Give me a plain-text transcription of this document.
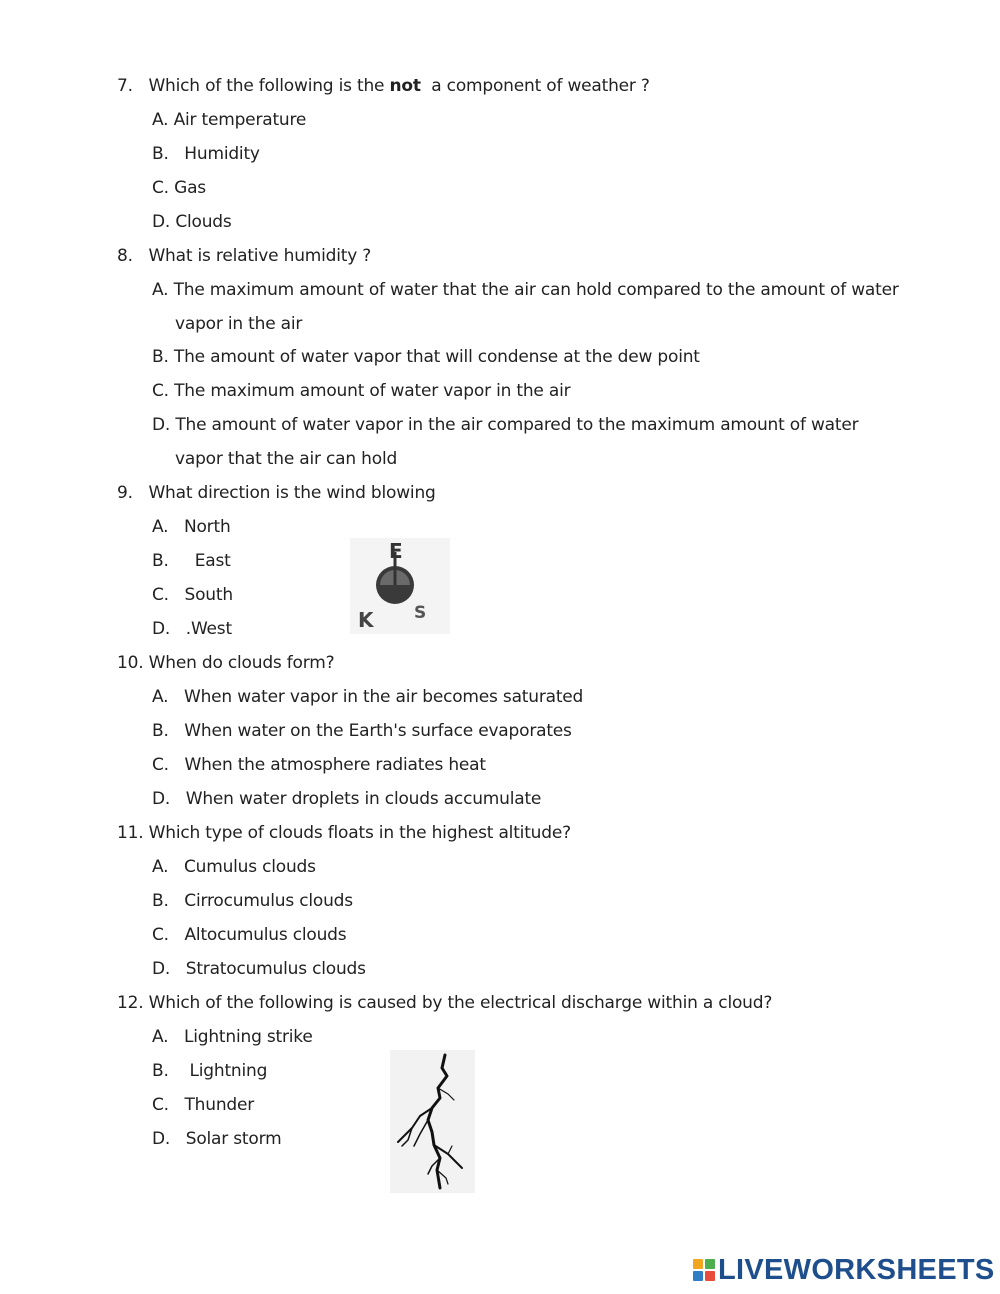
7. Which of the following is the not a component of weather ?
A. Air temperature
B. Humidity
C. Gas
D. Clouds
8. What is relative humidity ?
A. The maximum amount of water that the air can hold compared to the amount of water
vapor in the air
B. The amount of water vapor that will condense at the dew point
C. The maximum amount of water vapor in the air
D. The amount of water vapor in the air compared to the maximum amount of water
vapor that the air can hold
9. What direction is the wind blowing
A. North
B. East
C. South
D. .West
E
K S
10. When do clouds form?
A. When water vapor in the air becomes saturated
B. When water on the Earth's surface evaporates
C. When the atmosphere radiates heat
D. When water droplets in clouds accumulate
11. Which type of clouds floats in the highest altitude?
A. Cumulus clouds
B. Cirrocumulus clouds
C. Altocumulus clouds
D. Stratocumulus clouds
12. Which of the following is caused by the electrical discharge within a cloud?
A. Lightning strike
B. Lightning
C. Thunder
D. Solar storm
LIVEWORKSHEETS
